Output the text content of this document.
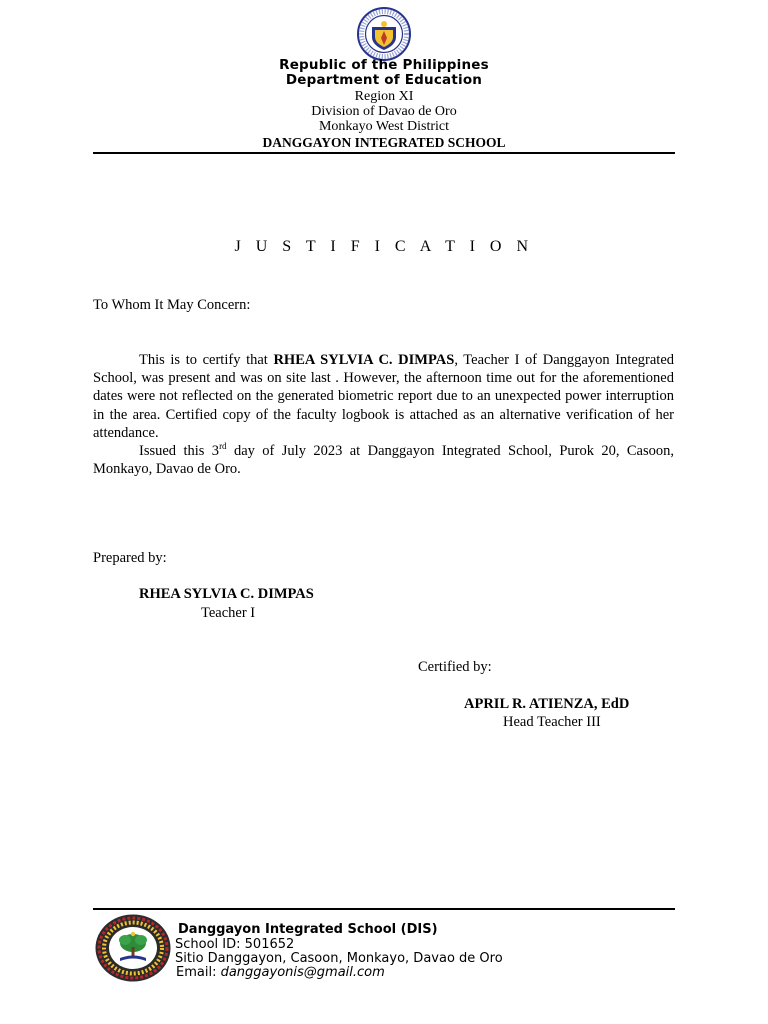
Republic of the Philippines
Department of Education
Region XI
Division of Davao de Oro
Monkayo West District
DANGGAYON INTEGRATED SCHOOL
J U S T I F I C A T I O N
To Whom It May Concern:

This is to certify that RHEA SYLVIA C. DIMPAS, Teacher I of Danggayon Integrated School, was present and was on site last . However, the afternoon time out for the aforementioned dates were not reflected on the generated biometric report due to an unexpected power interruption in the area. Certified copy of the faculty logbook is attached as an alternative verification of her attendance.

Issued this 3rd day of July 2023 at Danggayon Integrated School, Purok 20, Casoon, Monkayo, Davao de Oro.

Prepared by:
RHEA SYLVIA C. DIMPAS
Teacher I
Certified by:
APRIL R. ATIENZA, EdD
Head Teacher III
Danggayon Integrated School (DIS)
School ID: 501652
Sitio Danggayon, Casoon, Monkayo, Davao de Oro
Email: danggayonis@gmail.com
